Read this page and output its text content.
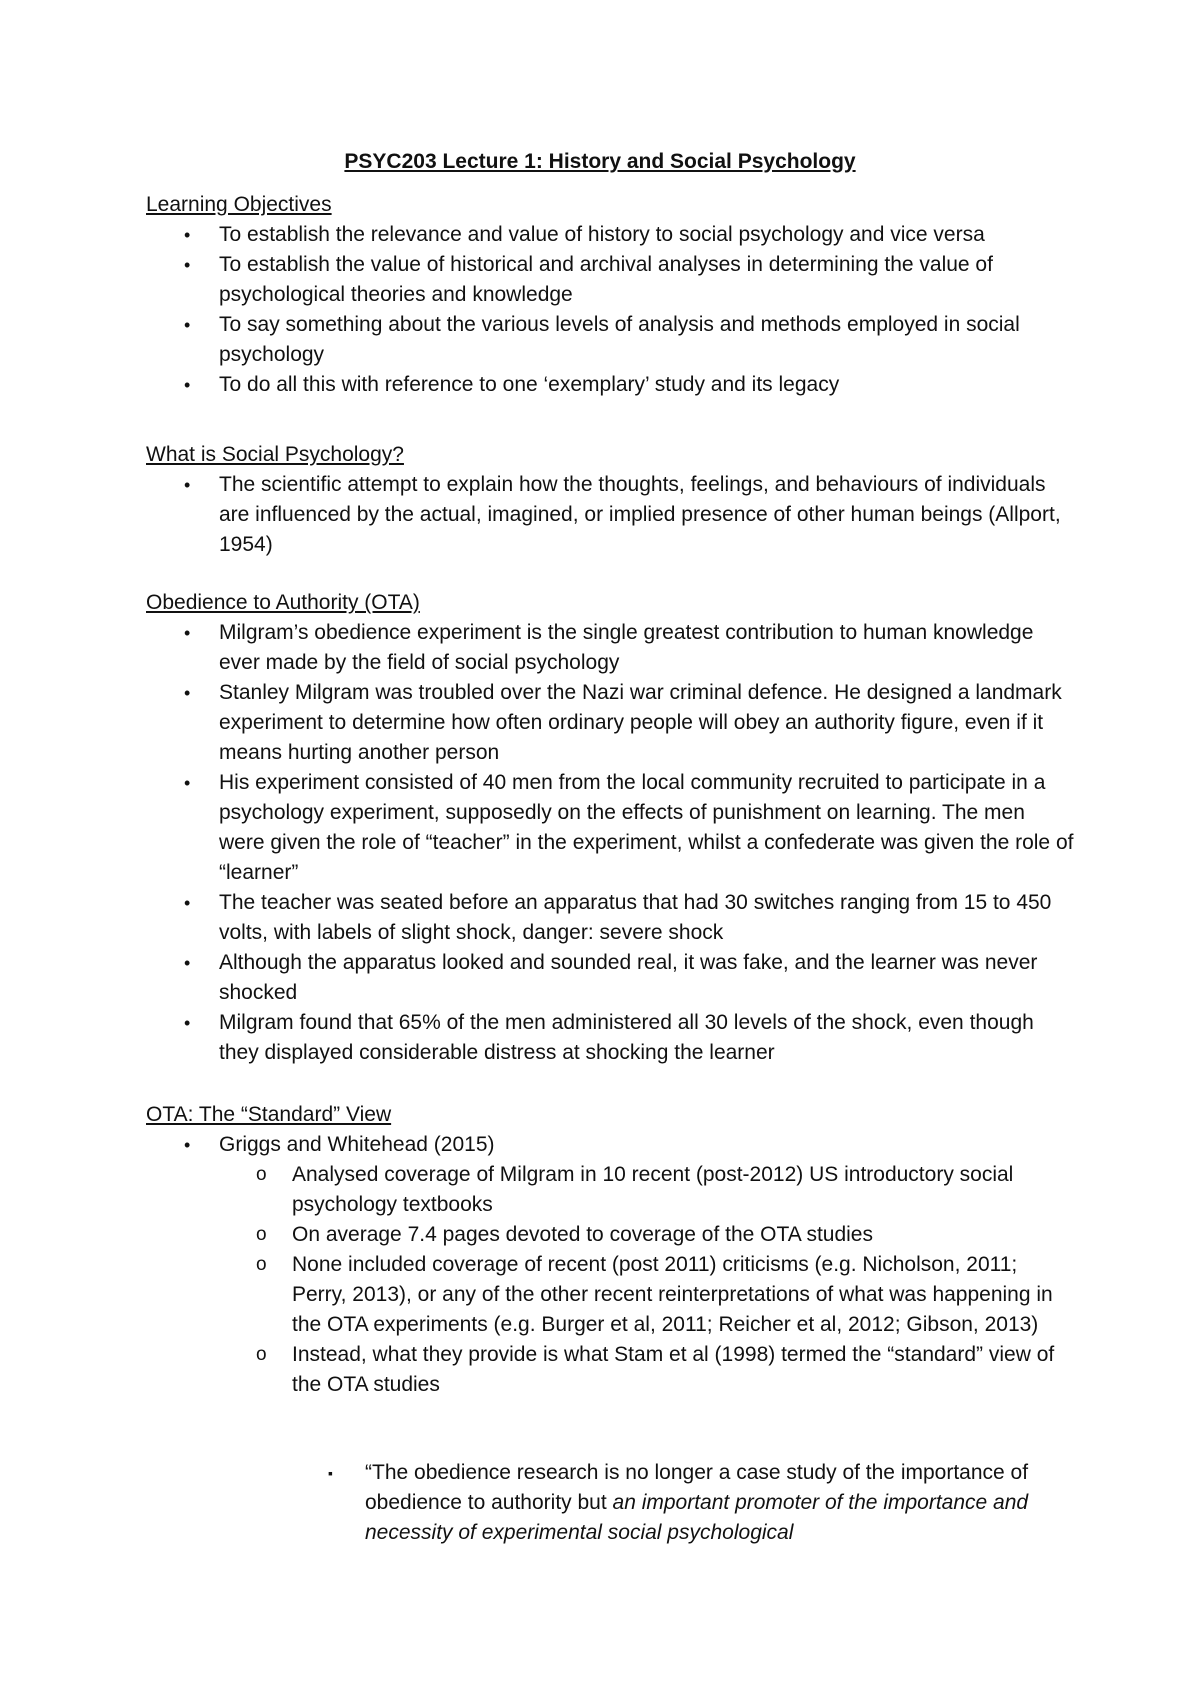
PSYC203 Lecture 1: History and Social Psychology

Learning Objectives

• To establish the relevance and value of history to social psychology and vice versa
• To establish the value of historical and archival analyses in determining the value of psychological theories and knowledge
• To say something about the various levels of analysis and methods employed in social psychology
• To do all this with reference to one ‘exemplary’ study and its legacy

What is Social Psychology?

• The scientific attempt to explain how the thoughts, feelings, and behaviours of individuals are influenced by the actual, imagined, or implied presence of other human beings (Allport, 1954)

Obedience to Authority (OTA)

• Milgram’s obedience experiment is the single greatest contribution to human knowledge ever made by the field of social psychology
• Stanley Milgram was troubled over the Nazi war criminal defence. He designed a landmark experiment to determine how often ordinary people will obey an authority figure, even if it means hurting another person
• His experiment consisted of 40 men from the local community recruited to participate in a psychology experiment, supposedly on the effects of punishment on learning. The men were given the role of “teacher” in the experiment, whilst a confederate was given the role of “learner”
• The teacher was seated before an apparatus that had 30 switches ranging from 15 to 450 volts, with labels of slight shock, danger: severe shock
• Although the apparatus looked and sounded real, it was fake, and the learner was never shocked
• Milgram found that 65% of the men administered all 30 levels of the shock, even though they displayed considerable distress at shocking the learner

OTA: The “Standard” View

• Griggs and Whitehead (2015)
o Analysed coverage of Milgram in 10 recent (post-2012) US introductory social psychology textbooks
o On average 7.4 pages devoted to coverage of the OTA studies
o None included coverage of recent (post 2011) criticisms (e.g. Nicholson, 2011; Perry, 2013), or any of the other recent reinterpretations of what was happening in the OTA experiments (e.g. Burger et al, 2011; Reicher et al, 2012; Gibson, 2013)
o Instead, what they provide is what Stam et al (1998) termed the “standard” view of the OTA studies
▪ “The obedience research is no longer a case study of the importance of obedience to authority but an important promoter of the importance and necessity of experimental social psychological
